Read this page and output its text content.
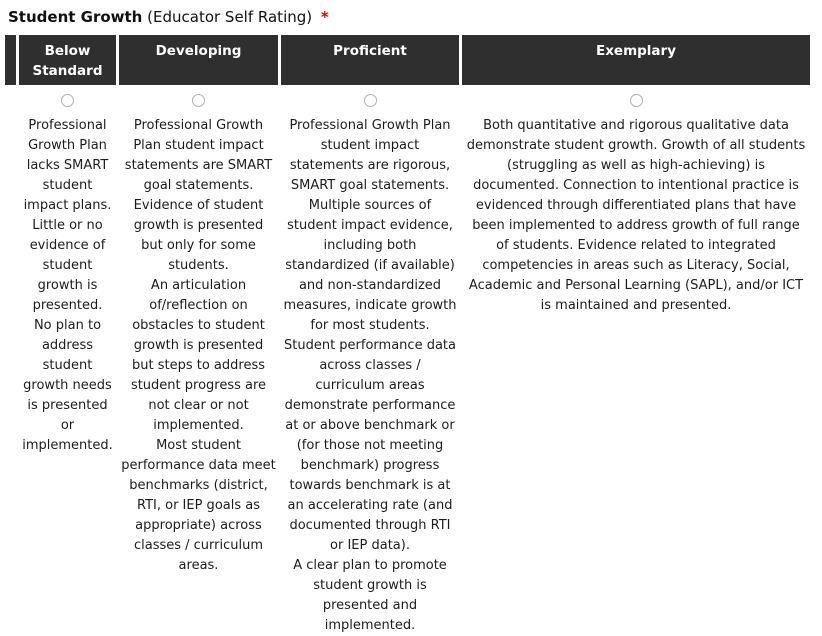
Student Growth (Educator Self Rating) *
Below Standard
Developing	Proficient	Exemplary

Professional Growth Plan lacks SMART student impact plans.

Little or no evidence of student growth is presented.

No plan to address student growth needs is presented or implemented.

Professional Growth Plan student impact statements are SMART goal statements.

Evidence of student growth is presented but only for some students.

An articulation of/reflection on obstacles to student growth is presented but steps to address student progress are not clear or not implemented.

Most student performance data meet benchmarks (district, RTI, or IEP goals as appropriate) across classes / curriculum areas.

Professional Growth Plan student impact statements are rigorous, SMART goal statements.

Multiple sources of student impact evidence, including both standardized (if available) and non-standardized measures, indicate growth for most students.

Student performance data across classes / curriculum areas demonstrate performance at or above benchmark or (for those not meeting benchmark) progress towards benchmark is at an accelerating rate (and documented through RTI or IEP data).

A clear plan to promote student growth is presented and implemented.

Both quantitative and rigorous qualitative data demonstrate student growth. Growth of all students (struggling as well as high-achieving) is documented. Connection to intentional practice is evidenced through differentiated plans that have been implemented to address growth of full range of students. Evidence related to integrated competencies in areas such as Literacy, Social, Academic and Personal Learning (SAPL), and/or ICT is maintained and presented.
